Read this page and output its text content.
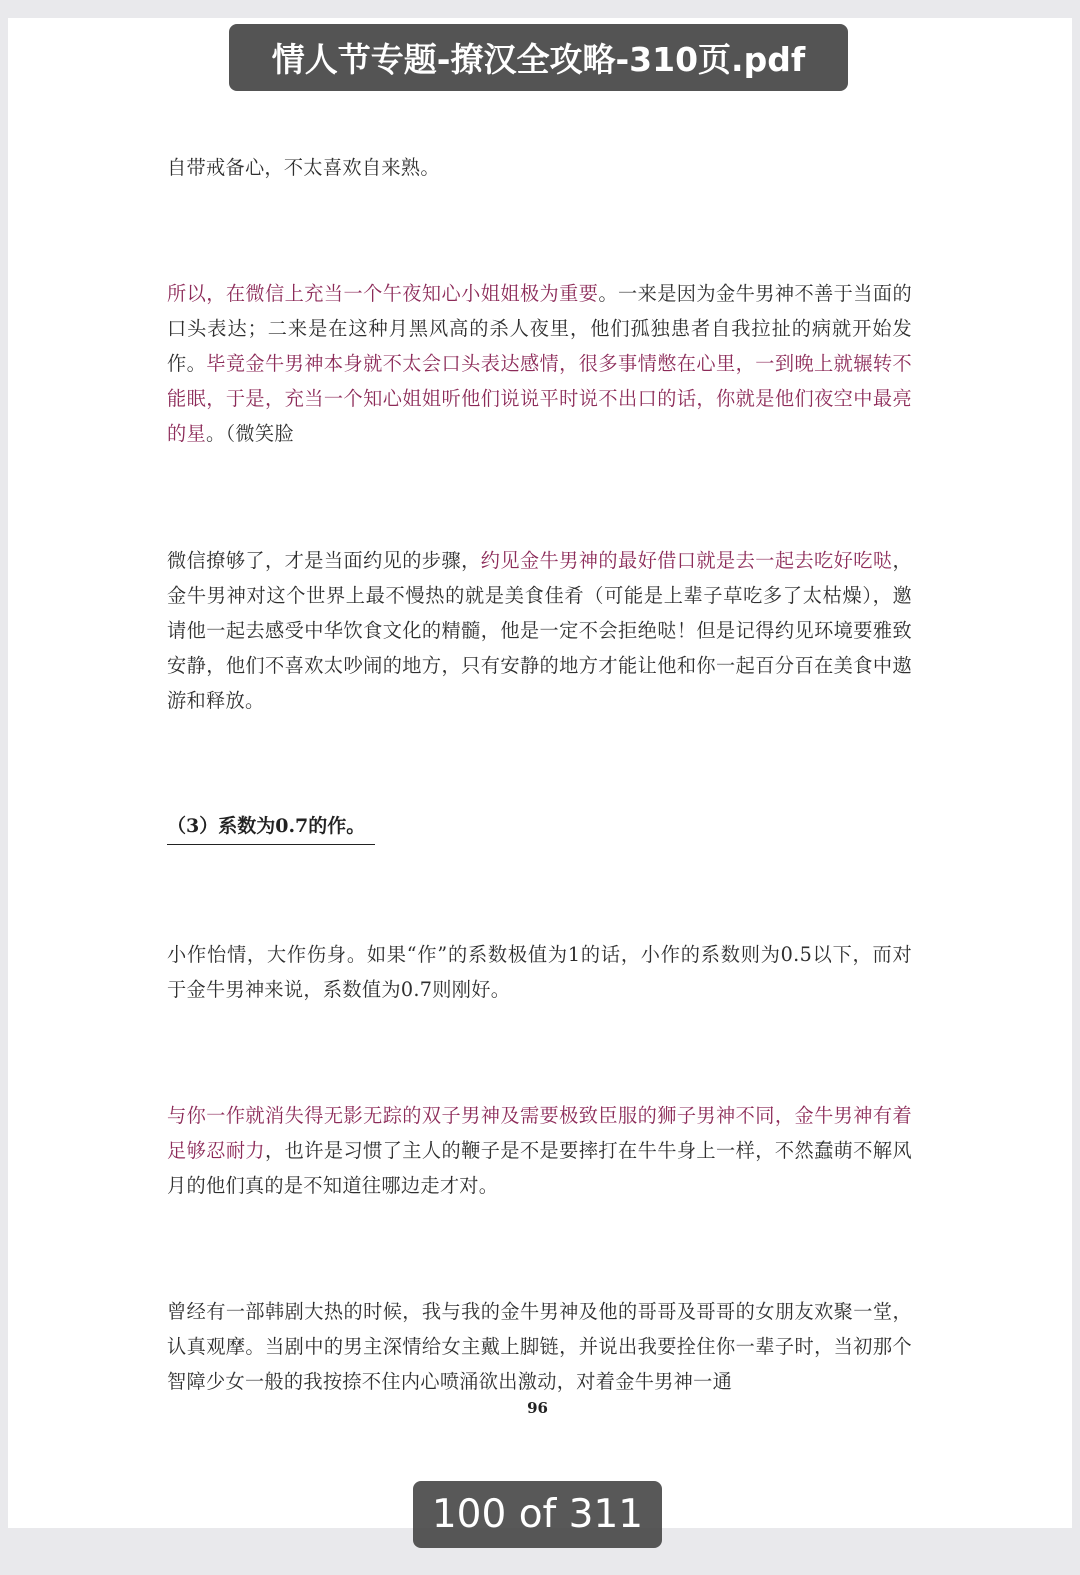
情人节专题-撩汉全攻略-310页.pdf
自带戒备心，不太喜欢自来熟。
所以，在微信上充当一个午夜知心小姐姐极为重要。一来是因为金牛男神不善于当面的口头表达；二来是在这种月黑风高的杀人夜里，他们孤独患者自我拉扯的病就开始发作。毕竟金牛男神本身就不太会口头表达感情，很多事情憋在心里，一到晚上就辗转不能眠，于是，充当一个知心姐姐听他们说说平时说不出口的话，你就是他们夜空中最亮的星。（微笑脸
微信撩够了，才是当面约见的步骤，约见金牛男神的最好借口就是去一起去吃好吃哒，金牛男神对这个世界上最不慢热的就是美食佳肴（可能是上辈子草吃多了太枯燥），邀请他一起去感受中华饮食文化的精髓，他是一定不会拒绝哒！但是记得约见环境要雅致安静，他们不喜欢太吵闹的地方，只有安静的地方才能让他和你一起百分百在美食中遨游和释放。
（3）系数为0.7的作。
小作怡情，大作伤身。如果“作”的系数极值为1的话，小作的系数则为0.5以下，而对于金牛男神来说，系数值为0.7则刚好。
与你一作就消失得无影无踪的双子男神及需要极致臣服的狮子男神不同，金牛男神有着足够忍耐力，也许是习惯了主人的鞭子是不是要摔打在牛牛身上一样，不然蠢萌不解风月的他们真的是不知道往哪边走才对。
曾经有一部韩剧大热的时候，我与我的金牛男神及他的哥哥及哥哥的女朋友欢聚一堂，认真观摩。当剧中的男主深情给女主戴上脚链，并说出我要拴住你一辈子时，当初那个智障少女一般的我按捺不住内心喷涌欲出激动，对着金牛男神一通
96
100 of 311
